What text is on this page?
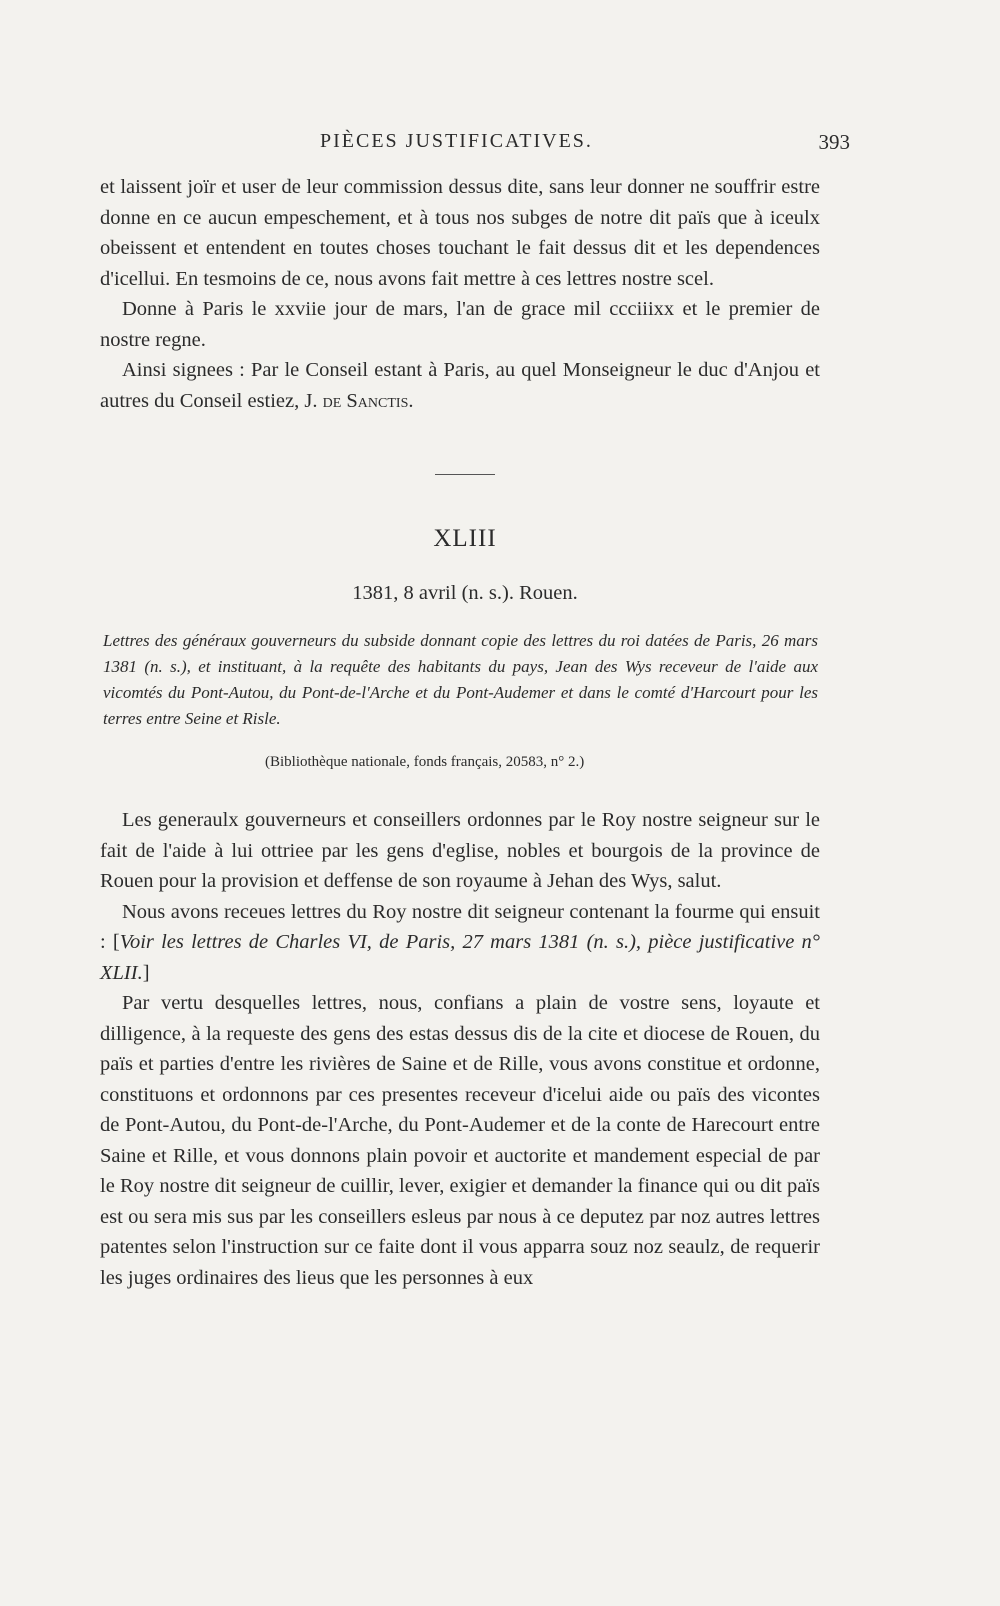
PIÈCES JUSTIFICATIVES.	393

et laissent joïr et user de leur commission dessus dite, sans leur donner ne souffrir estre donne en ce aucun empeschement, et à tous nos subges de notre dit païs que à iceulx obeissent et entendent en toutes choses touchant le fait dessus dit et les dependences d'icellui. En tesmoins de ce, nous avons fait mettre à ces lettres nostre scel.

Donne à Paris le xxviie jour de mars, l'an de grace mil ccciiixx et le premier de nostre regne.

Ainsi signees : Par le Conseil estant à Paris, au quel Monseigneur le duc d'Anjou et autres du Conseil estiez, J. de Sanctis.

XLIII
1381, 8 avril (n. s.). Rouen.
Lettres des généraux gouverneurs du subside donnant copie des lettres du roi datées de Paris, 26 mars 1381 (n. s.), et instituant, à la requête des habitants du pays, Jean des Wys receveur de l'aide aux vicomtés du Pont-Autou, du Pont-de-l'Arche et du Pont-Audemer et dans le comté d'Harcourt pour les terres entre Seine et Risle.
(Bibliothèque nationale, fonds français, 20583, n° 2.)

Les generaulx gouverneurs et conseillers ordonnes par le Roy nostre seigneur sur le fait de l'aide à lui ottriee par les gens d'eglise, nobles et bourgois de la province de Rouen pour la provision et deffense de son royaume à Jehan des Wys, salut.

Nous avons receues lettres du Roy nostre dit seigneur contenant la fourme qui ensuit : [Voir les lettres de Charles VI, de Paris, 27 mars 1381 (n. s.), pièce justificative n° XLII.]

Par vertu desquelles lettres, nous, confians a plain de vostre sens, loyaute et dilligence, à la requeste des gens des estas dessus dis de la cite et diocese de Rouen, du païs et parties d'entre les rivières de Saine et de Rille, vous avons constitue et ordonne, constituons et ordonnons par ces presentes receveur d'icelui aide ou païs des vicontes de Pont-Autou, du Pont-de-l'Arche, du Pont-Audemer et de la conte de Harecourt entre Saine et Rille, et vous donnons plain povoir et auctorite et mandement especial de par le Roy nostre dit seigneur de cuillir, lever, exigier et demander la finance qui ou dit païs est ou sera mis sus par les conseillers esleus par nous à ce deputez par noz autres lettres patentes selon l'instruction sur ce faite dont il vous apparra souz noz seaulz, de requerir les juges ordinaires des lieus que les personnes à eux
